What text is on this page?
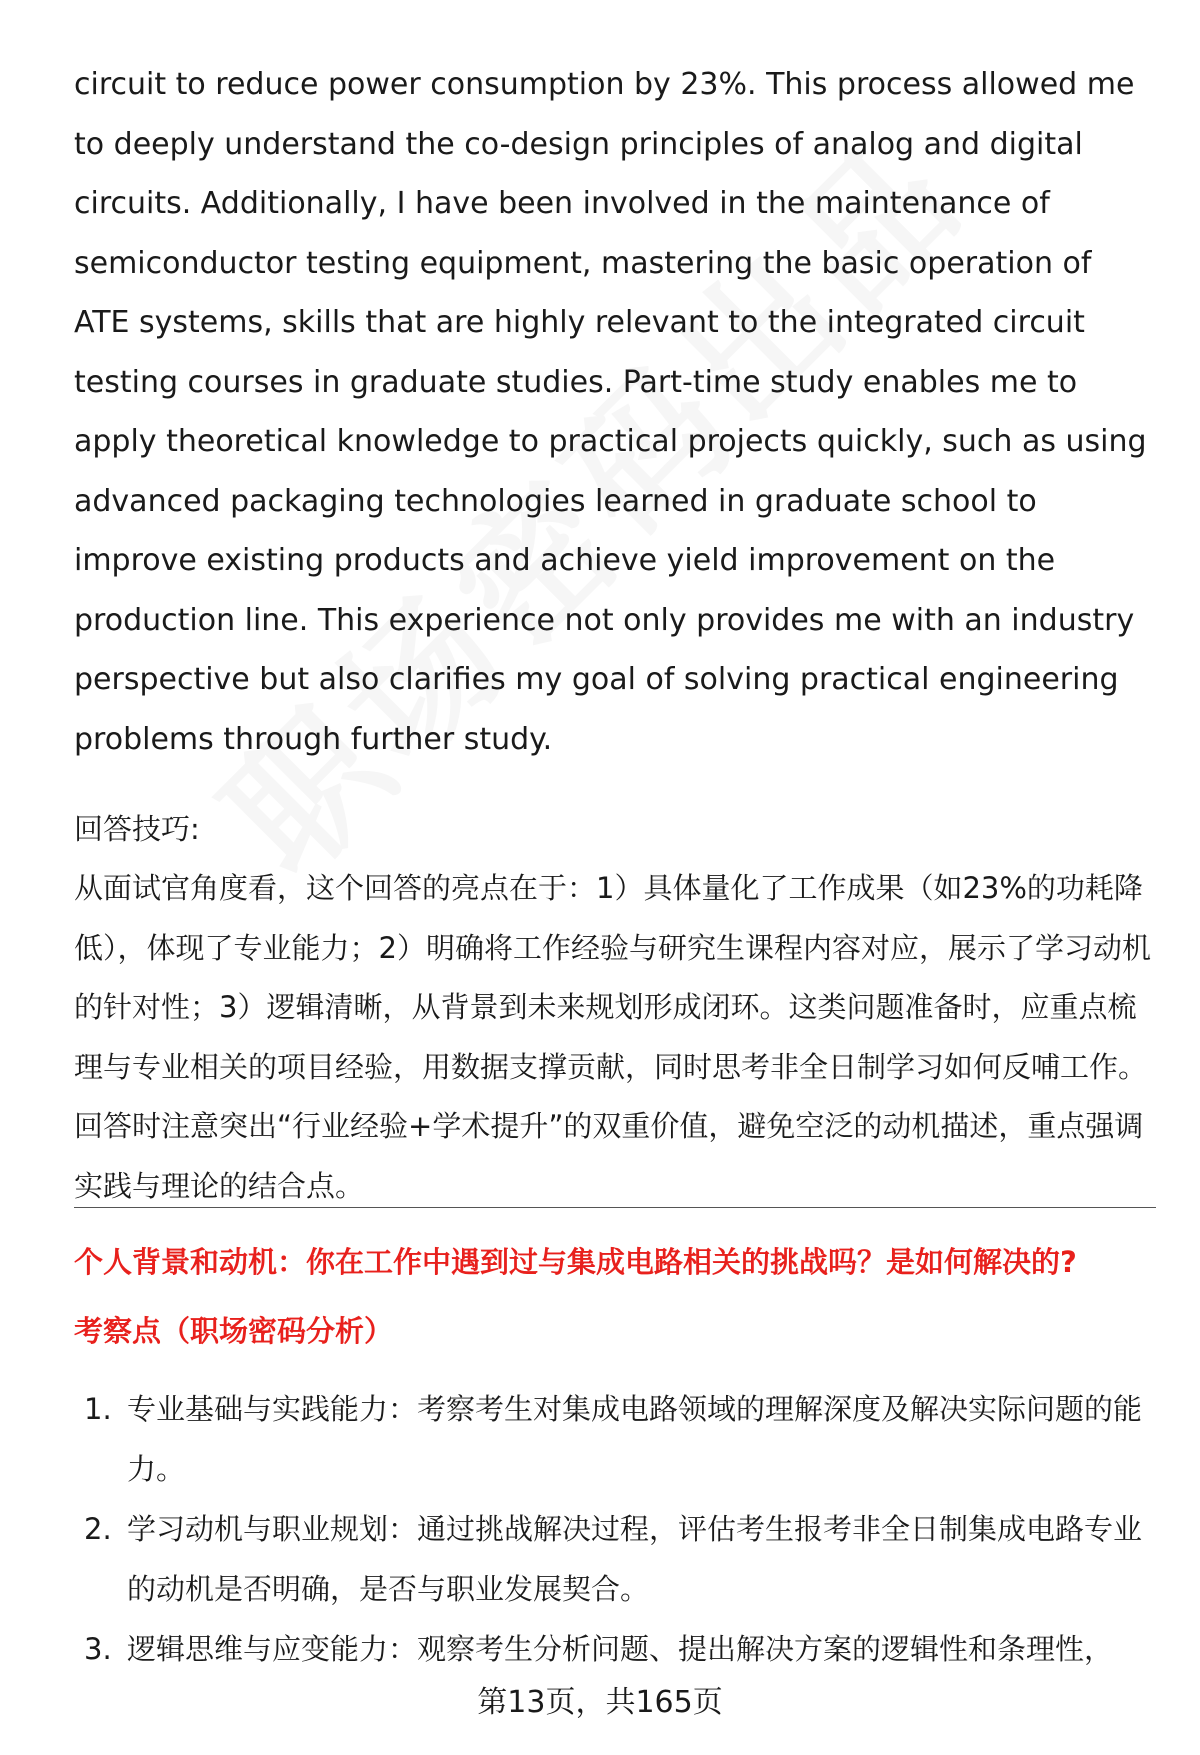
circuit to reduce power consumption by 23%. This process allowed me to deeply understand the co-design principles of analog and digital circuits. Additionally, I have been involved in the maintenance of semiconductor testing equipment, mastering the basic operation of ATE systems, skills that are highly relevant to the integrated circuit testing courses in graduate studies. Part-time study enables me to apply theoretical knowledge to practical projects quickly, such as using advanced packaging technologies learned in graduate school to improve existing products and achieve yield improvement on the production line. This experience not only provides me with an industry perspective but also clarifies my goal of solving practical engineering problems through further study.

回答技巧:

从面试官角度看，这个回答的亮点在于：1）具体量化了工作成果（如23%的功耗降低），体现了专业能力；2）明确将工作经验与研究生课程内容对应，展示了学习动机的针对性；3）逻辑清晰，从背景到未来规划形成闭环。这类问题准备时，应重点梳理与专业相关的项目经验，用数据支撑贡献，同时思考非全日制学习如何反哺工作。回答时注意突出“行业经验+学术提升”的双重价值，避免空泛的动机描述，重点强调实践与理论的结合点。

个人背景和动机：你在工作中遇到过与集成电路相关的挑战吗？是如何解决的?

考察点（职场密码分析）

1. 专业基础与实践能力：考察考生对集成电路领域的理解深度及解决实际问题的能力。
2. 学习动机与职业规划：通过挑战解决过程，评估考生报考非全日制集成电路专业的动机是否明确，是否与职业发展契合。
3. 逻辑思维与应变能力：观察考生分析问题、提出解决方案的逻辑性和条理性，
第13页，共165页
